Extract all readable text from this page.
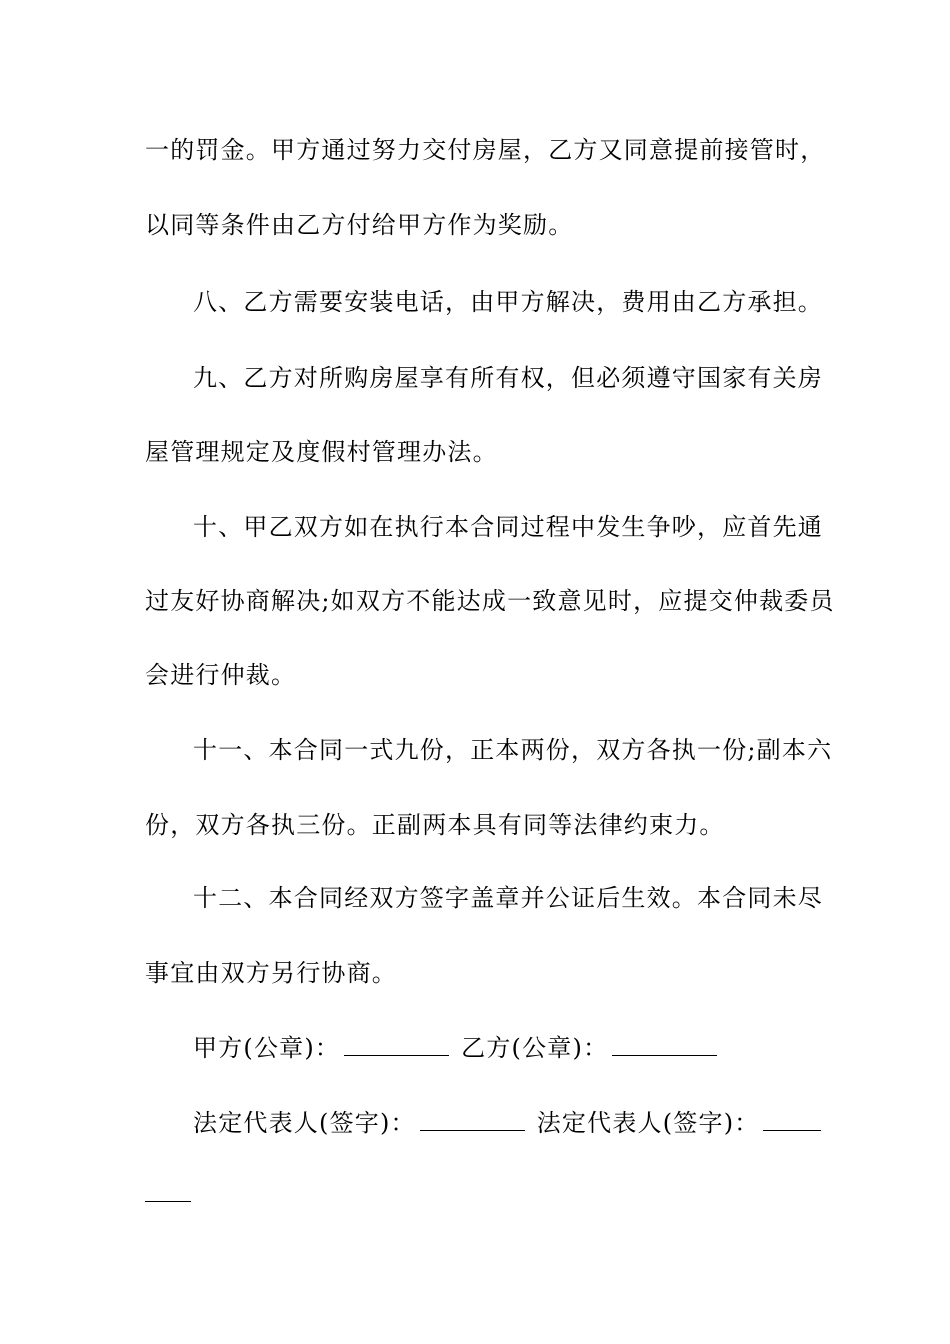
一的罚金。甲方通过努力交付房屋，乙方又同意提前接管时，
以同等条件由乙方付给甲方作为奖励。
八、乙方需要安装电话，由甲方解决，费用由乙方承担。
九、乙方对所购房屋享有所有权，但必须遵守国家有关房
屋管理规定及度假村管理办法。
十、甲乙双方如在执行本合同过程中发生争吵，应首先通
过友好协商解决;如双方不能达成一致意见时，应提交仲裁委员
会进行仲裁。
十一、本合同一式九份，正本两份，双方各执一份;副本六
份，双方各执三份。正副两本具有同等法律约束力。
十二、本合同经双方签字盖章并公证后生效。本合同未尽
事宜由双方另行协商。
甲方(公章)：	乙方(公章)：
法定代表人(签字)：	法定代表人(签字)：
